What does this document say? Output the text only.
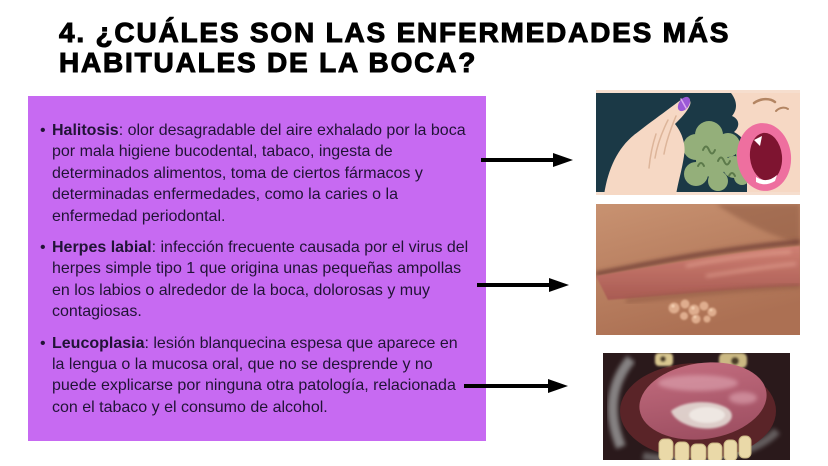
4. ¿CUÁLES SON LAS ENFERMEDADES MÁS
HABITUALES DE LA BOCA?
• Halitosis: olor desagradable del aire exhalado por la boca por mala higiene bucodental, tabaco, ingesta de determinados alimentos, toma de ciertos fármacos y determinadas enfermedades, como la caries o la enfermedad periodontal.
• Herpes labial: infección frecuente causada por el virus del herpes simple tipo 1 que origina unas pequeñas ampollas en los labios o alrededor de la boca, dolorosas y muy contagiosas.
• Leucoplasia: lesión blanquecina espesa que aparece en la lengua o la mucosa oral, que no se desprende y no puede explicarse por ninguna otra patología, relacionada con el tabaco y el consumo de alcohol.
